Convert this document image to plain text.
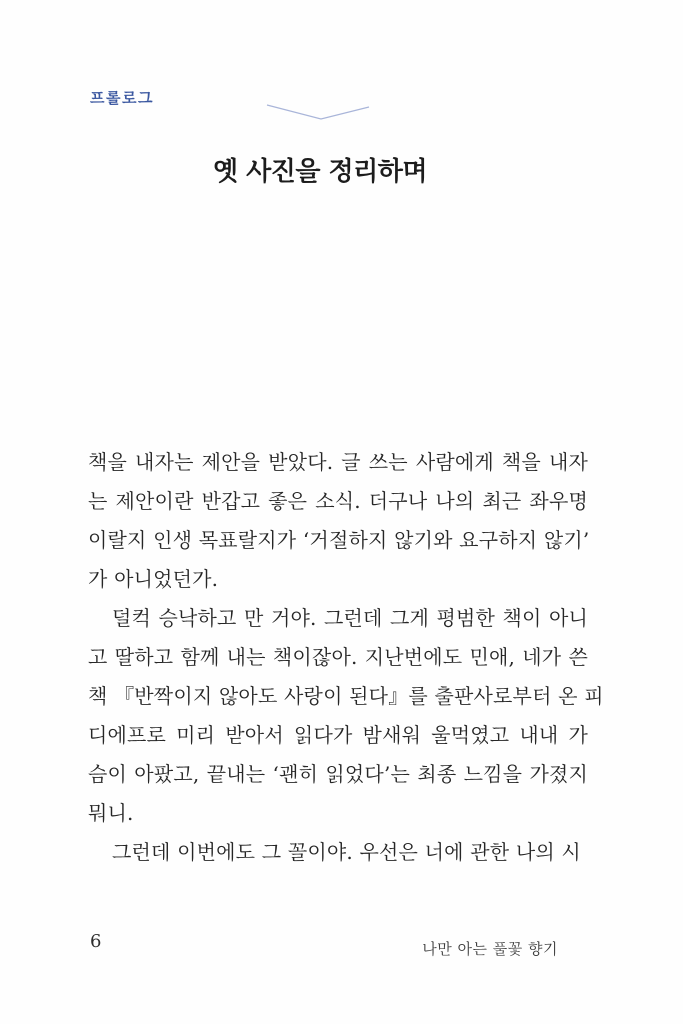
프롤로그
옛 사진을 정리하며
책을 내자는 제안을 받았다. 글 쓰는 사람에게 책을 내자
는 제안이란 반갑고 좋은 소식. 더구나 나의 최근 좌우명
이랄지 인생 목표랄지가 ‘거절하지 않기와 요구하지 않기’
가 아니었던가.
덜컥 승낙하고 만 거야. 그런데 그게 평범한 책이 아니
고 딸하고 함께 내는 책이잖아. 지난번에도 민애, 네가 쓴
책 『반짝이지 않아도 사랑이 된다』를 출판사로부터 온 피
디에프로 미리 받아서 읽다가 밤새워 울먹였고 내내 가
슴이 아팠고, 끝내는 ‘괜히 읽었다’는 최종 느낌을 가졌지
뭐니.
그런데 이번에도 그 꼴이야. 우선은 너에 관한 나의 시
6	나만 아는 풀꽃 향기
